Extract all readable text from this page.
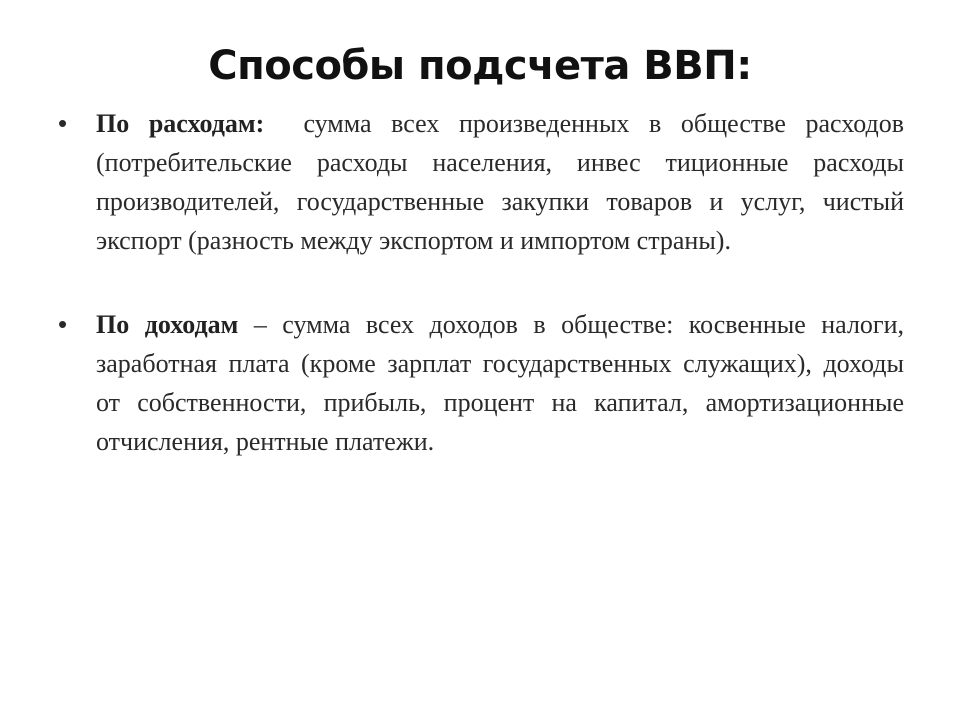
Способы подсчета ВВП:
• По расходам: сумма всех произведенных в обществе расходов (потребительские расходы населения, инвес тиционные расходы производителей, государственные закупки товаров и услуг, чистый экспорт (разность между экспортом и импортом страны).
• По доходам – сумма всех доходов в обществе: косвенные налоги, заработная плата (кроме зарплат государственных служащих), доходы от собственности, прибыль, процент на капитал, амортизационные отчисления, рентные платежи.
